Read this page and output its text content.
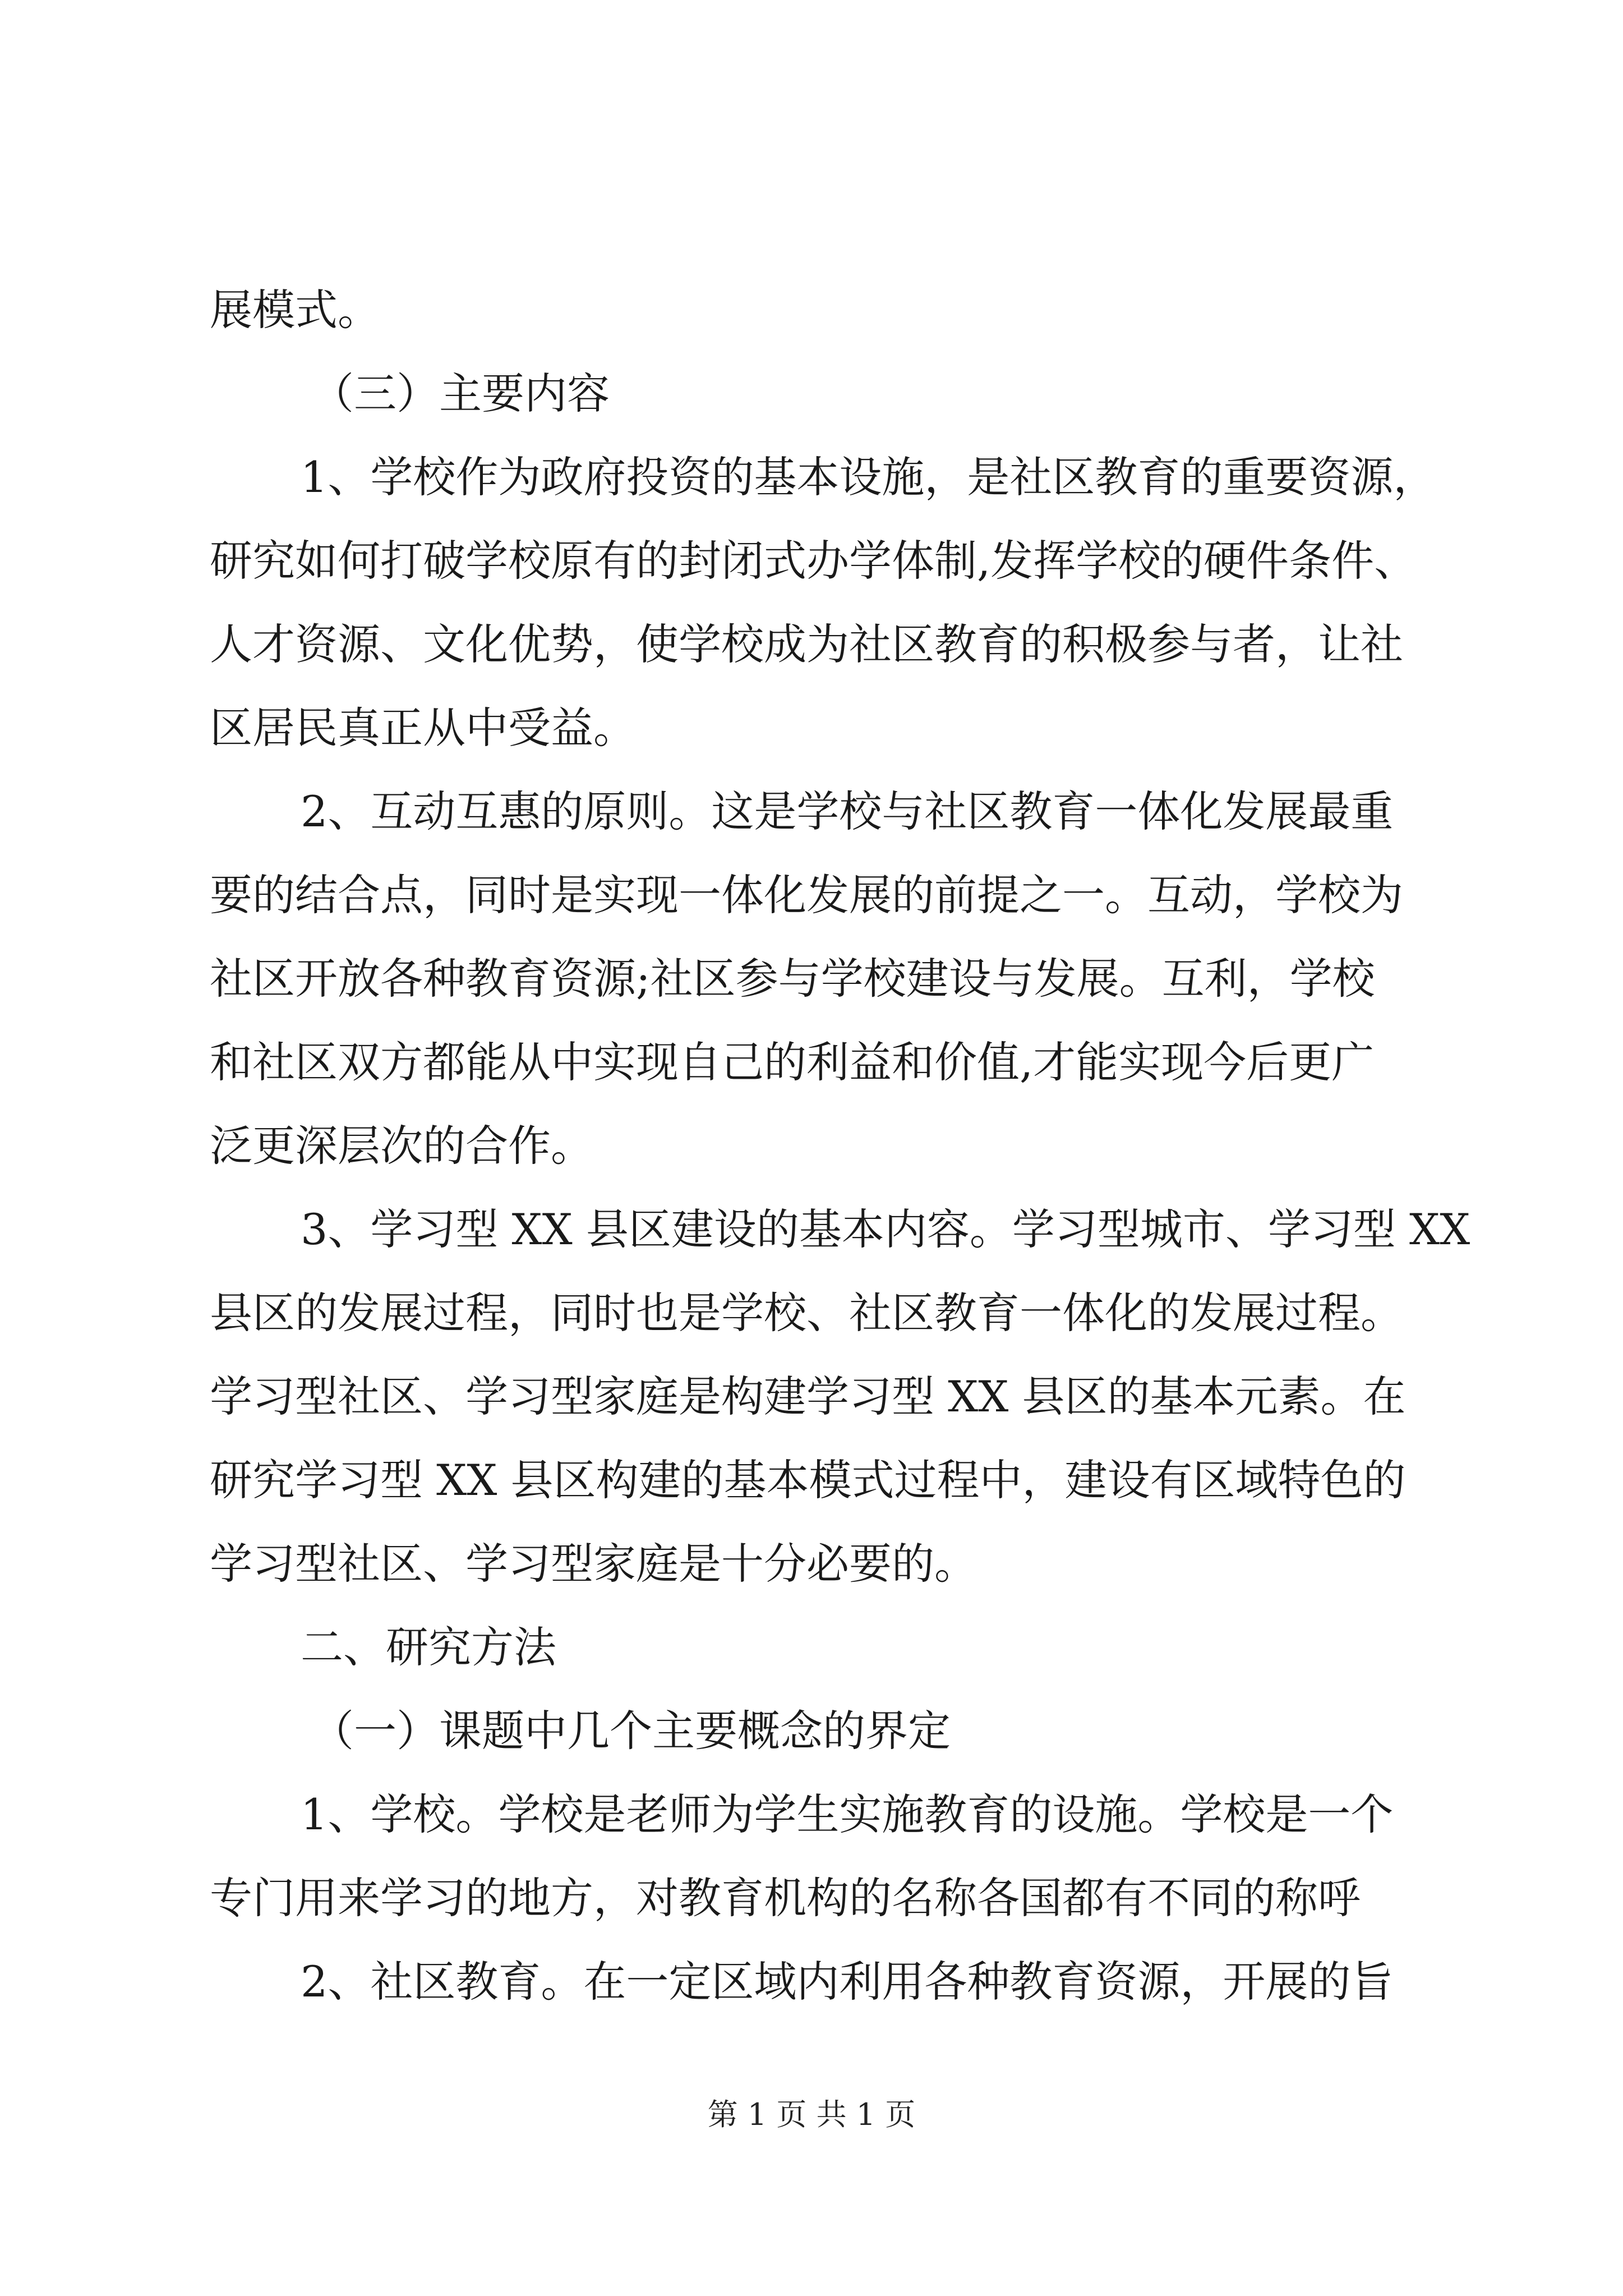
展模式。
（三）主要内容
1、学校作为政府投资的基本设施，是社区教育的重要资源，
研究如何打破学校原有的封闭式办学体制,发挥学校的硬件条件、
人才资源、文化优势，使学校成为社区教育的积极参与者，让社
区居民真正从中受益。
2、互动互惠的原则。这是学校与社区教育一体化发展最重
要的结合点，同时是实现一体化发展的前提之一。互动，学校为
社区开放各种教育资源;社区参与学校建设与发展。互利，学校
和社区双方都能从中实现自己的利益和价值,才能实现今后更广
泛更深层次的合作。
3、学习型 XX 县区建设的基本内容。学习型城市、学习型 XX
县区的发展过程，同时也是学校、社区教育一体化的发展过程。
学习型社区、学习型家庭是构建学习型 XX 县区的基本元素。在
研究学习型 XX 县区构建的基本模式过程中，建设有区域特色的
学习型社区、学习型家庭是十分必要的。
二、研究方法
（一）课题中几个主要概念的界定
1、学校。学校是老师为学生实施教育的设施。学校是一个
专门用来学习的地方，对教育机构的名称各国都有不同的称呼
2、社区教育。在一定区域内利用各种教育资源，开展的旨
第 1 页 共 1 页
